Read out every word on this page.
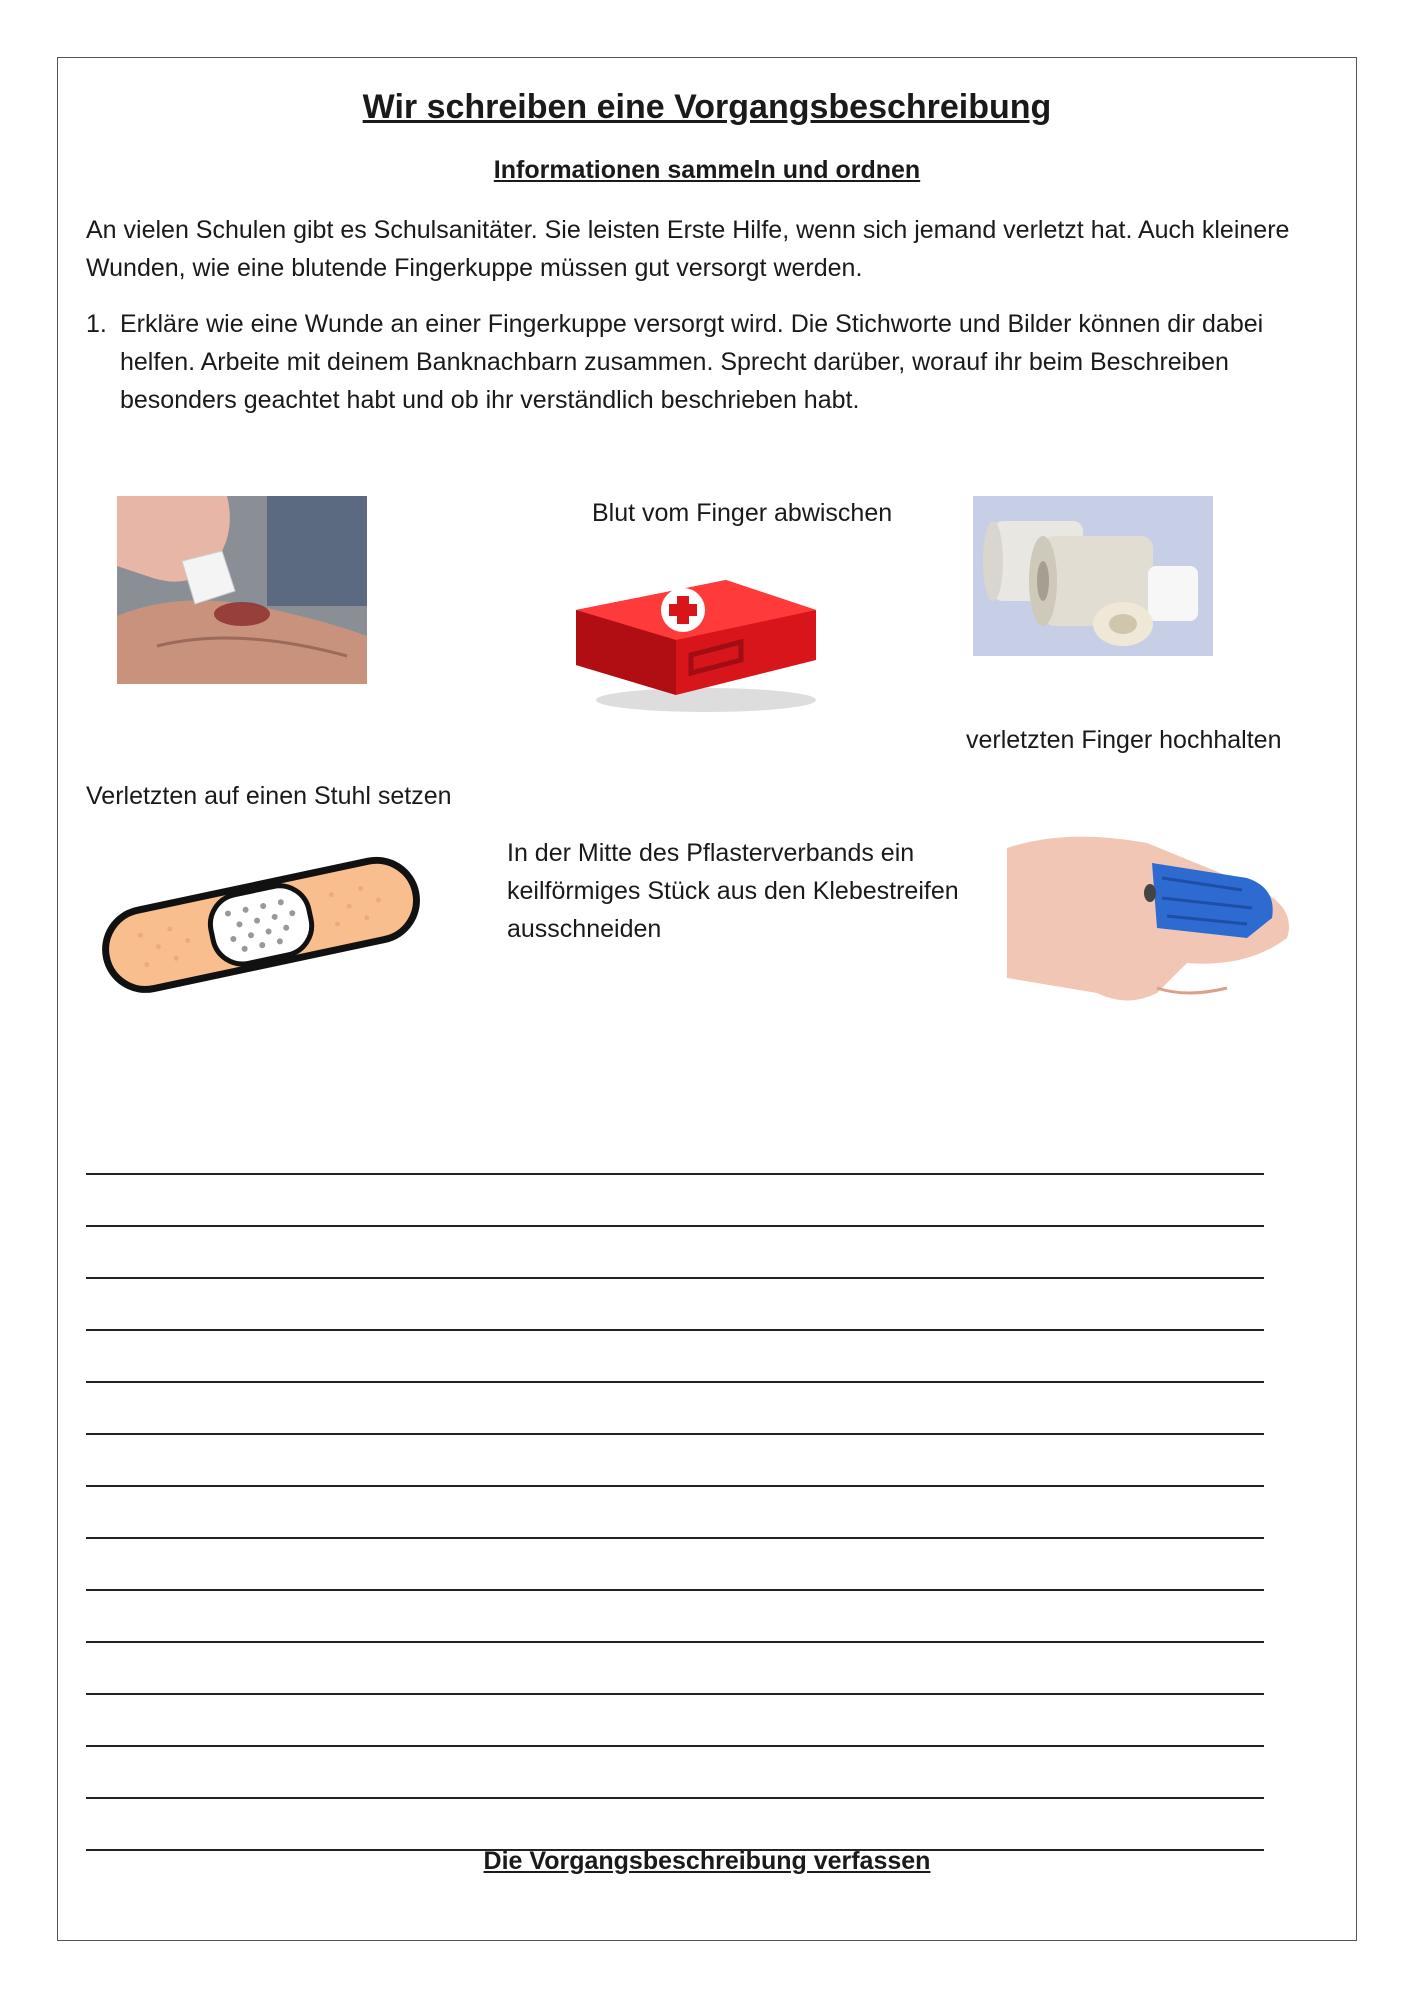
Wir schreiben eine Vorgangsbeschreibung
Informationen sammeln und ordnen

An vielen Schulen gibt es Schulsanitäter. Sie leisten Erste Hilfe, wenn sich jemand verletzt hat. Auch kleinere Wunden, wie eine blutende Fingerkuppe müssen gut versorgt werden.

1. Erkläre wie eine Wunde an einer Fingerkuppe versorgt wird. Die Stichworte und Bilder können dir dabei helfen. Arbeite mit deinem Banknachbarn zusammen. Sprecht darüber, worauf ihr beim Beschreiben besonders geachtet habt und ob ihr verständlich beschrieben habt.
Blut vom Finger abwischen
verletzten Finger hochhalten
Verletzten auf einen Stuhl setzen
In der Mitte des Pflasterverbands ein
keilförmiges Stück aus den Klebestreifen
ausschneiden
Die Vorgangsbeschreibung verfassen
